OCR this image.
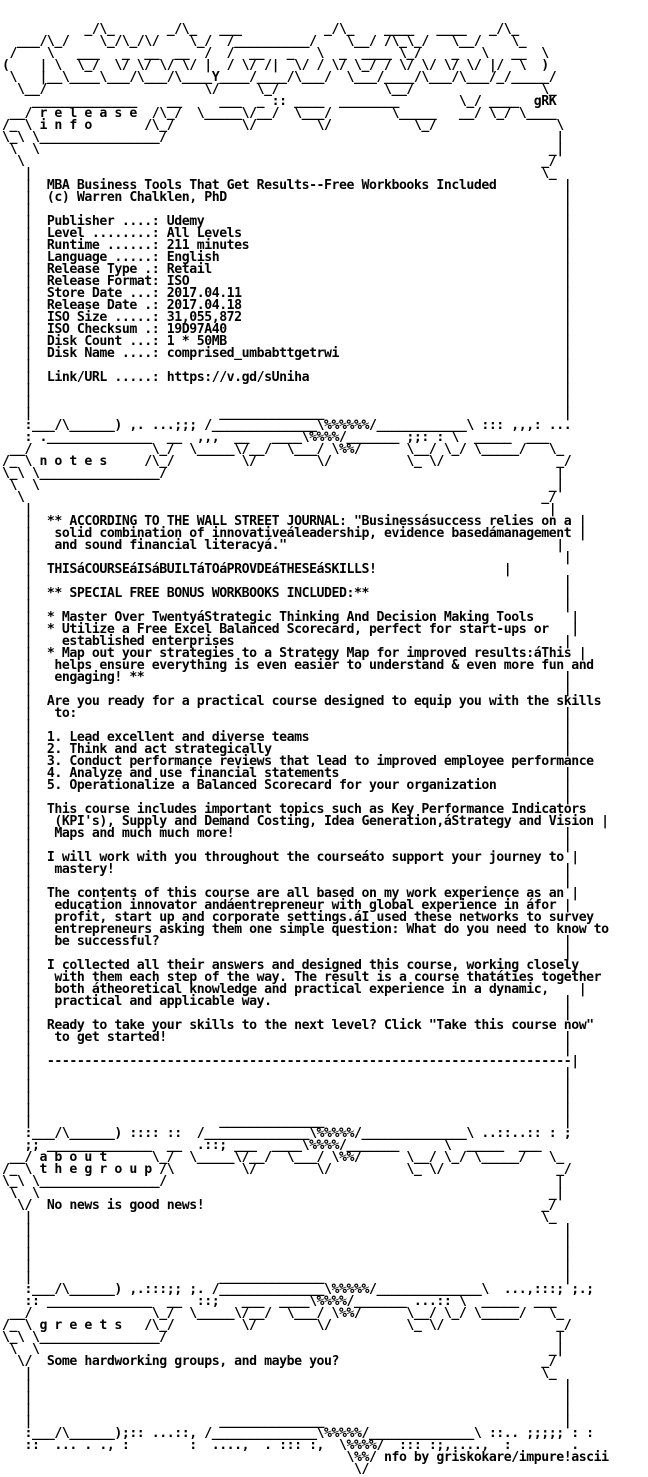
_/\_       _/\_   ___           _/\_    ____   ____   _/\_
___/\_/    \_/\_/\/    \_/  /__________/    \__/ /\_\_/   \__/    \_
/    \   ___   _  __  __  /  /  __   _   \  _  ____ \_/    _   \   __  \
(    | \  \_/  \/ \/ \/ \/ |  / \/ /|  \/ / \/ \_/ / \/ \/ \/ \/ |/  \  )
\   |__\____\___/\___/\____Y____/____/\___/  \___/____/\___/\___/_/_____/
\__/                     \/     \_/              \__/                 \_
______________    __     ___  _ :: ____  ________        \_/ ____  gRK
__/ r e l e a s e  /\_/  \_____\/__/  \___/        \_____   __/ \_/ \____
/_ \ i n f o       /\_/         \/        \/           \_/                \
\_\ \________________/                                                    |
\  \                                                                    _|
\                                                                     _/
|                                                                    \_
|  MBA Business Tools That Get Results--Free Workbooks Included         |
|  (c) Warren Chalklen, PhD                                             |
|                                                                       |
|  Publisher ....: Udemy                                                |
|  Level ........: All Levels                                           |
|  Runtime ......: 211 minutes                                          |
|  Language .....: English                                              |
|  Release Type .: Retail                                               |
|  Release Format: ISO                                                  |
|  Store Date ...: 2017.04.11                                           |
|  Release Date .: 2017.04.18                                           |
|  ISO Size .....: 31,055,872                                           |
|  ISO Checksum .: 19D97A40                                             |
|  Disk Count ...: 1 * 50MB                                             |
|  Disk Name ....: comprised_umbabttgetrwi                              |
|                                                                       |
|  Link/URL .....: https://v.gd/sUniha                                  |
|                                                                       |
|                                                                       |
|                         ______________                                |
:___/\______) ,. ...;;; /______________\%%%%%%/____________\ ::: ,,,: ...
: .______________  __  ,,,  __   ____\%%%%/_______ ;;: : \  _____  ___
__/                \_/  \_____\/__/  \___/ \%%/      \__/ \_/ \_____/   \_
/_ \ n o t e s     /\_/         \/        \/          \_ \/               _/
\_\ \________________/                                                    |
\  \                                                                    _|
\                                                                     _/
|                                                                     |
|  ** ACCORDING TO THE WALL STREET JOURNAL: "Businessásuccess relies on a |
|   solid combination of innovativeáleadership, evidence basedámanagement |
|   and sound financial literacyá."                                    |
|                                                                       |
|  THISáCOURSEáISáBUILTáTOáPROVDEáTHESEáSKILLS!                 |
|                                                                       |
|  ** SPECIAL FREE BONUS WORKBOOKS INCLUDED:**                          |
|                                                                       |
|  * Master Over TwentyáStrategic Thinking And Decision Making Tools     |
|  * Utilize a Free Excel Balanced Scorecard, perfect for start-ups or   |
|    established enterprises                                            |
|  * Map out your strategies to a Strategy Map for improved results:áThis |
|   helps ensure everything is even easier to understand & even more fun and
|   engaging! **                                                        |
|                                                                       |
|  Are you ready for a practical course designed to equip you with the skills
|   to:                                                                 |
|                                                                       |
|  1. Lead excellent and diverse teams                                  |
|  2. Think and act strategically                                       |
|  3. Conduct performance reviews that lead to improved employee performance
|  4. Analyze and use financial statements                              |
|  5. Operationalize a Balanced Scorecard for your organization         |
|                                                                       |
|  This course includes important topics such as Key Performance Indicators
|   (KPI's), Supply and Demand Costing, Idea Generation,áStrategy and Vision |
|   Maps and much much more!                                            |
|                                                                       |
|  I will work with you throughout the courseáto support your journey to |
|   mastery!                                                            |
|                                                                       |
|  The contents of this course are all based on my work experience as an |
|   education innovator andáentrepreneur with global experience in áfor |
|   profit, start up and corporate settings.áI used these networks to survey
|   entrepreneurs asking them one simple question: What do you need to know to
|   be successful?                                                      |
|                                                                       |
|  I collected all their answers and designed this course, working closely
|   with them each step of the way. The result is a course thatáties together
|   both átheoretical knowledge and practical experience in a dynamic,    |
|   practical and applicable way.                                       |
|                                                                       |
|  Ready to take your skills to the next level? Click "Take this course now"
|   to get started!                                                     |
|                                                                       |
|  ----------------------------------------------------------------------|
|                                                                       |
|                                                                       |
|                                                                       |
|                                                                       |
|                         ______________                                |
:___/\______) :::: ::  /______________\%%%%%/______________\ ..::..:: : ;
;; ______________  __  .::; ___  ____\%%%%/_______      \  _____  ___
__/ a b o u t      \_/  \_____\/__/  \___/ \%%/      \__/ \_/ \_____/   \_
/_ \ t h e g r o u p /\         \/        \/          \_ \/               _/
\_\ \________________/                                                    |
\  \                                                                    _|
\/  No news is good news!                                             _/
|                                                                    \_
|                                                                       |
|                                                                       |
|                                                                       |
|                                                                       |
|                         ______________                                |
:___/\______) ,.:::;; ;. /______________\%%%%%/______________\  ...,:::; ;.;
:: ______________  __  ::;   ___  ____\%%%%/_______ ...:: \  _____  ___
__/                \_/  \_____\/__/  \___/ \%%/      \__/ \_/ \_____/   \_
/_ \ g r e e t s   /\_/         \/        \/          \_ \/               _/
\_\ \________________/                                                    |
\  \                                                                    _|
\/  Some hardworking groups, and maybe you?                           _/
|                                                                    \_
|                                                                       |
|                                                                       |
|                                                                       |
|                         ______________                                |
:___/\______);:: ...::, /______________\%%%%%/______________\ ::.. ;;;;; : :
::  ... . ., :        :  ....,  . ::: :,  \%%%%/  ::: :;,....,  :        .
\%%/ nfo by griskokare/impure!ascii
\/
